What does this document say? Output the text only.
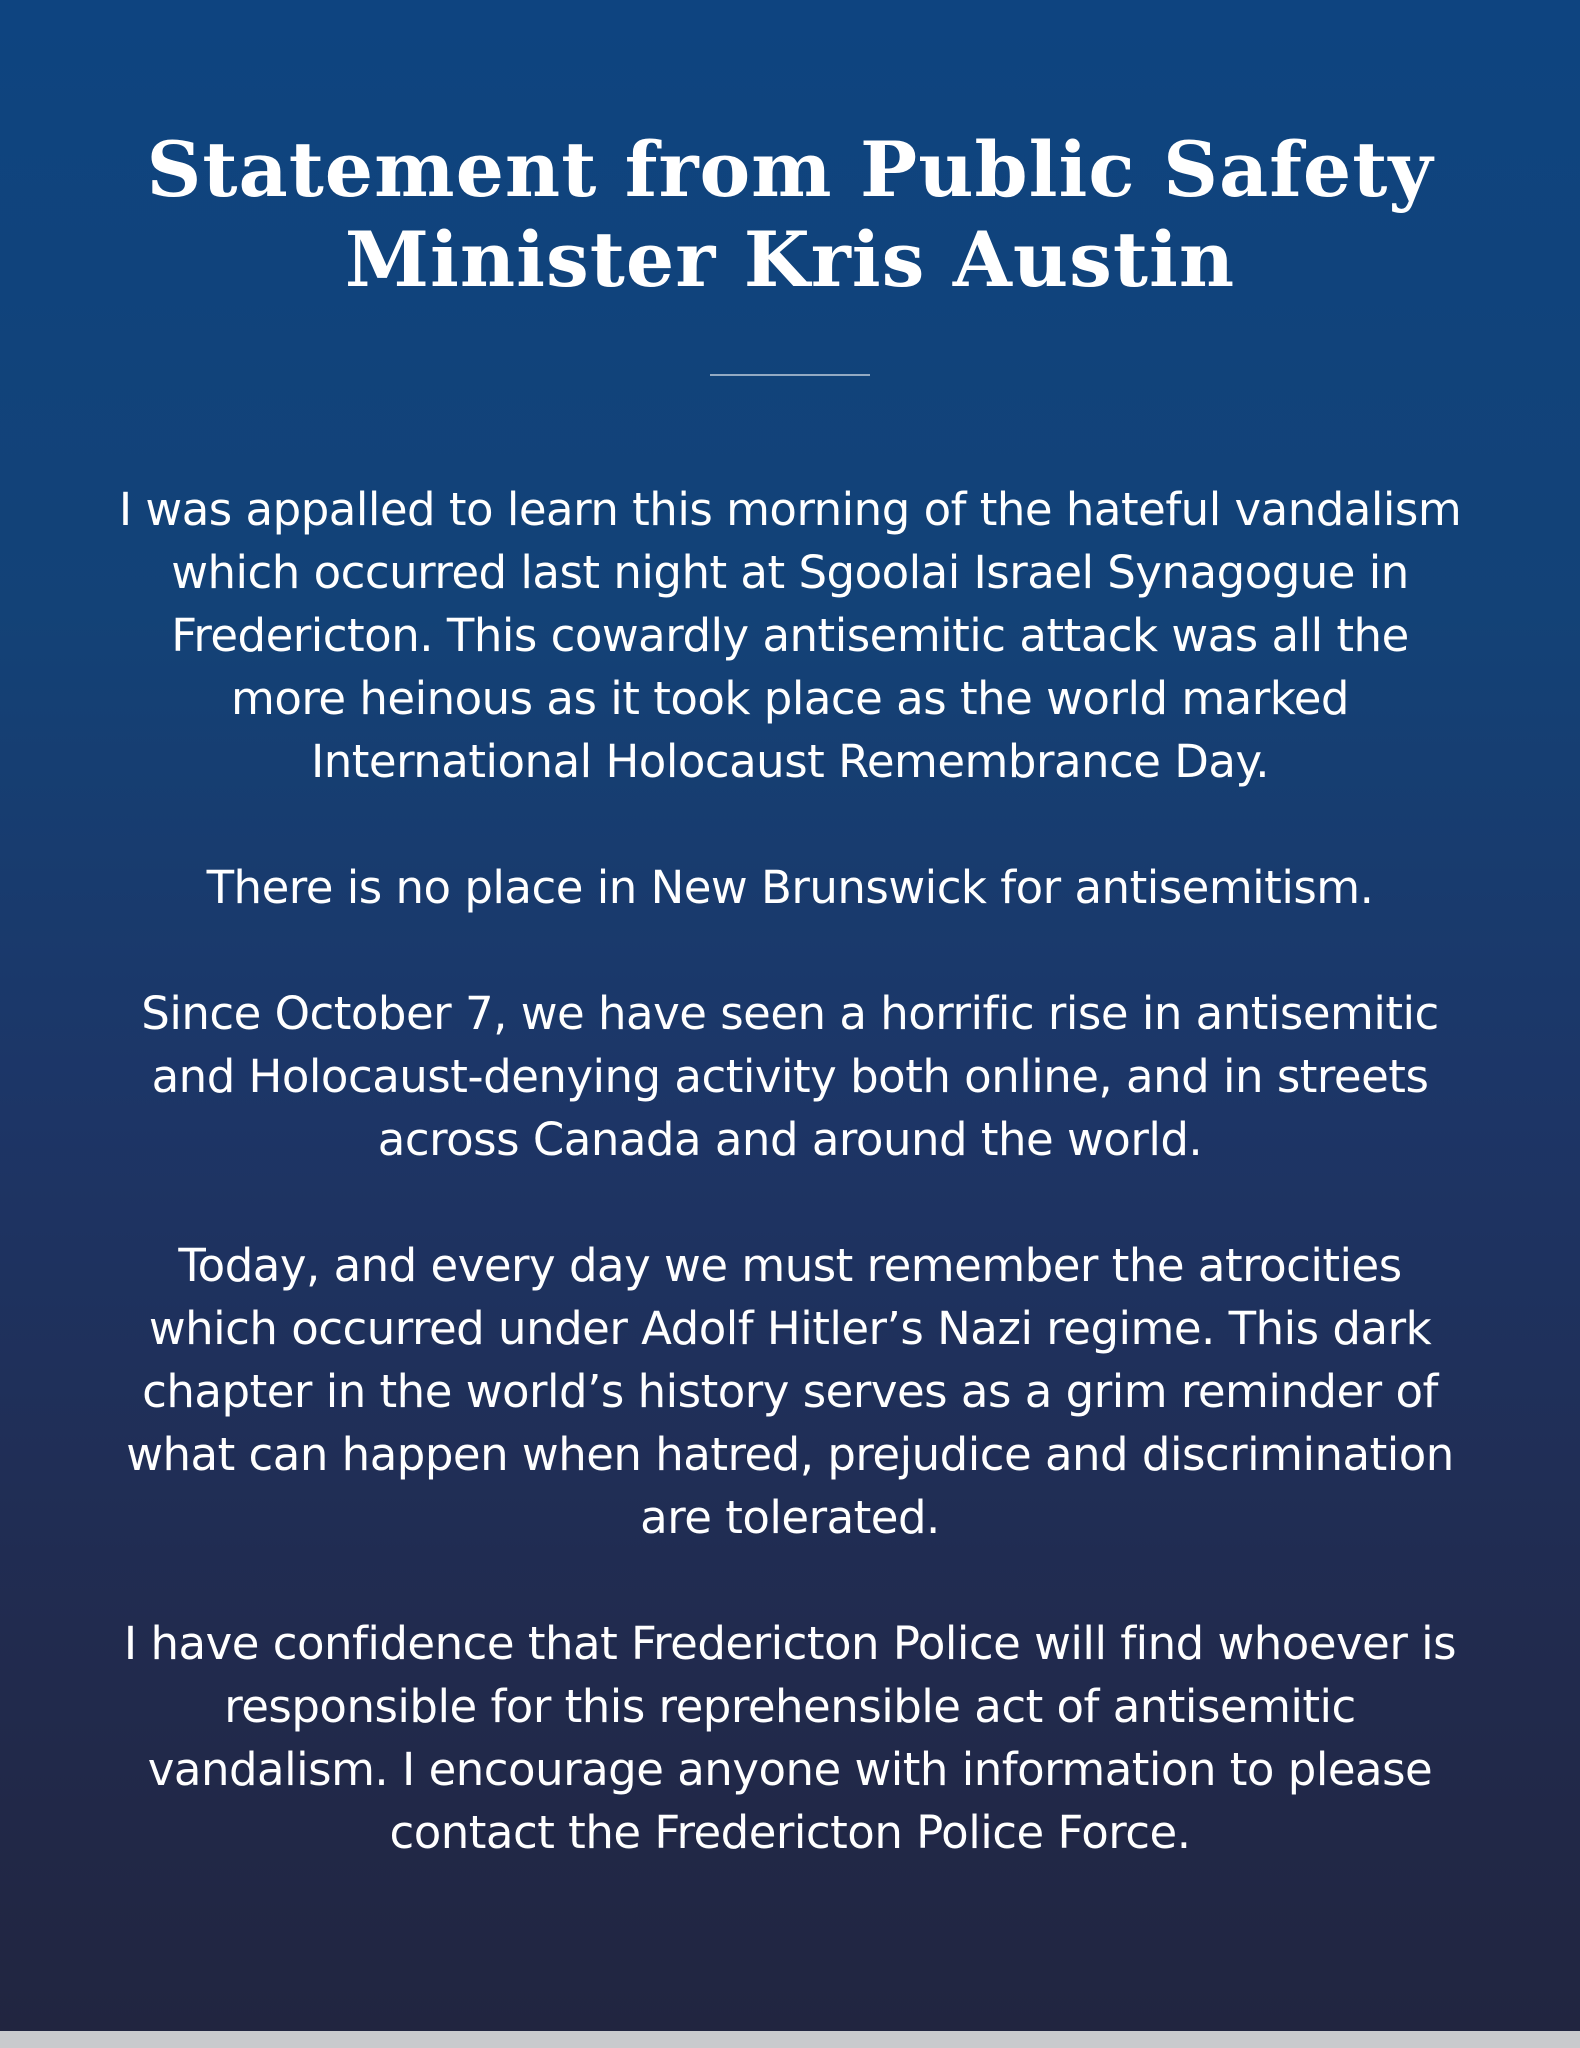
Statement from Public Safety
Minister Kris Austin

I was appalled to learn this morning of the hateful vandalism which occurred last night at Sgoolai Israel Synagogue in Fredericton. This cowardly antisemitic attack was all the more heinous as it took place as the world marked International Holocaust Remembrance Day.

There is no place in New Brunswick for antisemitism.

Since October 7, we have seen a horrific rise in antisemitic and Holocaust-denying activity both online, and in streets across Canada and around the world.

Today, and every day we must remember the atrocities which occurred under Adolf Hitler’s Nazi regime. This dark chapter in the world’s history serves as a grim reminder of what can happen when hatred, prejudice and discrimination are tolerated.

I have confidence that Fredericton Police will find whoever is responsible for this reprehensible act of antisemitic vandalism. I encourage anyone with information to please contact the Fredericton Police Force.
